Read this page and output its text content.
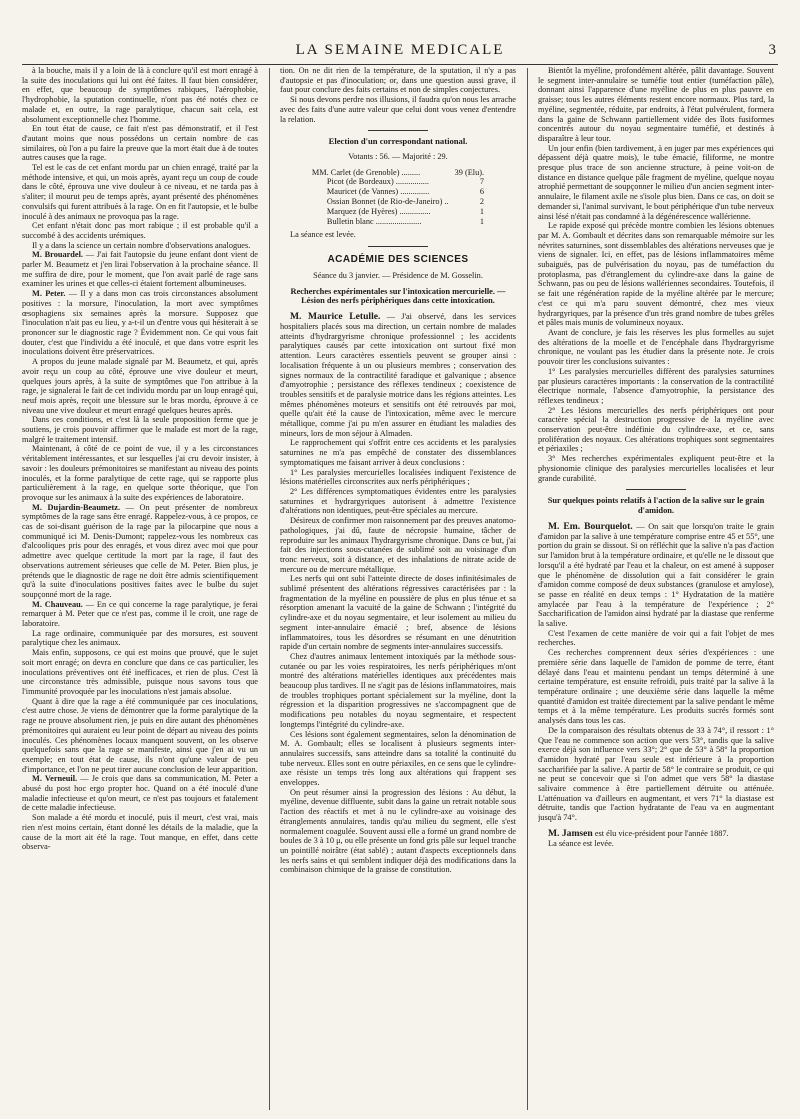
LA SEMAINE MEDICALE	3

à la bouche, mais il y a loin de là à conclure qu'il est mort enragé à la suite des inoculations qui lui ont été faites. Il faut bien considérer, en effet, que beaucoup de symptômes rabiques, l'aérophobie, l'hydrophobie, la sputation continuelle, n'ont pas été notés chez ce malade et, en outre, la rage paralytique, chacun sait cela, est absolument exceptionnelle chez l'homme.

En tout état de cause, ce fait n'est pas démonstratif, et il l'est d'autant moins que nous possédons un certain nombre de cas similaires, où l'on a pu faire la preuve que la mort était due à de toutes autres causes que la rage.

Tel est le cas de cet enfant mordu par un chien enragé, traité par la méthode intensive, et qui, un mois après, ayant reçu un coup de coude dans le côté, éprouva une vive douleur à ce niveau, et ne tarda pas à s'aliter; il mourut peu de temps après, ayant présenté des phénomènes convulsifs qui furent attribués à la rage. On en fit l'autopsie, et le bulbe inoculé à des animaux ne provoqua pas la rage.

Cet enfant n'était donc pas mort rabique ; il est probable qu'il a succombé à des accidents urémiques.

Il y a dans la science un certain nombre d'observations analogues.

M. Brouardel. — J'ai fait l'autopsie du jeune enfant dont vient de parler M. Beaumetz et j'en lirai l'observation à la prochaine séance. Il me suffira de dire, pour le moment, que l'on avait parlé de rage sans examiner les urines et que celles-ci étaient fortement albumineuses.

M. Peter. — Il y a dans mon cas trois circonstances absolument positives : la morsure, l'inoculation, la mort avec symptômes œsophagiens six semaines après la morsure. Supposez que l'inoculation n'ait pas eu lieu, y a-t-il un d'entre vous qui hésiterait à se prononcer sur le diagnostic rage ? Évidemment non. Ce qui vous fait douter, c'est que l'individu a été inoculé, et que dans votre esprit les inoculations doivent être préservatrices.

A propos du jeune malade signalé par M. Beaumetz, et qui, après avoir reçu un coup au côté, éprouve une vive douleur et meurt, quelques jours après, à la suite de symptômes que l'on attribue à la rage, je signalerai le fait de cet individu mordu par un loup enragé qui, neuf mois après, reçoit une blessure sur le bras mordu, éprouve à ce niveau une vive douleur et meurt enragé quelques heures après.

Dans ces conditions, et c'est là la seule proposition ferme que je soutiens, je crois pouvoir affirmer que le malade est mort de la rage, malgré le traitement intensif.

Maintenant, à côté de ce point de vue, il y a les circonstances véritablement intéressantes, et sur lesquelles j'ai cru devoir insister, à savoir : les douleurs prémonitoires se manifestant au niveau des points inoculés, et la forme paralytique de cette rage, qui se rapporte plus particulièrement à la rage, en quelque sorte théorique, que l'on provoque sur les animaux à la suite des expériences de laboratoire.

M. Dujardin-Beaumetz. — On peut présenter de nombreux symptômes de la rage sans être enragé. Rappelez-vous, à ce propos, ce cas de soi-disant guérison de la rage par la pilocarpine que nous a communiqué ici M. Denis-Dumont; rappelez-vous les nombreux cas d'alcooliques pris pour des enragés, et vous direz avec moi que pour admettre avec quelque certitude la mort par la rage, il faut des observations autrement sérieuses que celle de M. Peter. Bien plus, je prétends que le diagnostic de rage ne doit être admis scientifiquement qu'à la suite d'inoculations positives faites avec le bulbe du sujet soupçonné mort de la rage.

M. Chauveau. — En ce qui concerne la rage paralytique, je ferai remarquer à M. Peter que ce n'est pas, comme il le croit, une rage de laboratoire.

La rage ordinaire, communiquée par des morsures, est souvent paralytique chez les animaux.

Mais enfin, supposons, ce qui est moins que prouvé, que le sujet soit mort enragé; on devra en conclure que dans ce cas particulier, les inoculations préventives ont été inefficaces, et rien de plus. C'est là une circonstance très admissible, puisque nous savons tous que l'immunité provoquée par les inoculations n'est jamais absolue.

Quant à dire que la rage a été communiquée par ces inoculations, c'est autre chose. Je viens de démontrer que la forme paralytique de la rage ne prouve absolument rien, je puis en dire autant des phénomènes prémonitoires qui auraient eu leur point de départ au niveau des points inoculés. Ces phénomènes locaux manquent souvent, on les observe quelquefois sans que la rage se manifeste, ainsi que j'en ai vu un exemple; en tout état de cause, ils n'ont qu'une valeur de peu d'importance, et l'on ne peut tirer aucune conclusion de leur apparition.

M. Verneuil. — Je crois que dans sa communication, M. Peter a abusé du post hoc ergo propter hoc. Quand on a été inoculé d'une maladie infectieuse et qu'on meurt, ce n'est pas toujours et fatalement de cette maladie infectieuse.

Son malade a été mordu et inoculé, puis il meurt, c'est vrai, mais rien n'est moins certain, étant donné les détails de la maladie, que la cause de la mort ait été la rage. Tout manque, en effet, dans cette observa-

tion. On ne dit rien de la température, de la sputation, il n'y a pas d'autopsie et pas d'inoculation; or, dans une question aussi grave, il faut pour conclure des faits certains et non de simples conjectures.

Si nous devons perdre nos illusions, il faudra qu'on nous les arrache avec des faits d'une autre valeur que celui dont vous venez d'entendre la relation.

Election d'un correspondant national.

Votants : 56. — Majorité : 29.

MM. Carlet (de Grenoble) .........	39 (Elu).
Picot (de Bordeaux) ................	7
Mauricet (de Vannes) ..............	6
Ossian Bonnet (de Rio-de-Janeiro) ..	2
Marquez (de Hyères) ...............	1
Bulletin blanc ......................	1

La séance est levée.

ACADÉMIE DES SCIENCES

Séance du 3 janvier. — Présidence de M. Gosselin.

Recherches expérimentales sur l'intoxication mercurielle. — Lésion des nerfs périphériques dans cette intoxication.

M. Maurice Letulle. — J'ai observé, dans les services hospitaliers placés sous ma direction, un certain nombre de malades atteints d'hydrargyrisme chronique professionnel ; les accidents paralytiques causés par cette intoxication ont surtout fixé mon attention. Leurs caractères essentiels peuvent se grouper ainsi : localisation fréquente à un ou plusieurs membres ; conservation des signes normaux de la contractilité faradique et galvanique ; absence d'amyotrophie ; persistance des réflexes tendineux ; coexistence de troubles sensitifs et de paralysie motrice dans les régions atteintes. Les mêmes phénomènes moteurs et sensitifs ont été retrouvés par moi, quelle qu'ait été la cause de l'intoxication, même avec le mercure métallique, comme j'ai pu m'en assurer en étudiant les maladies des mineurs, lors de mon séjour à Almaden.

Le rapprochement qui s'offrit entre ces accidents et les paralysies saturnines ne m'a pas empêché de constater des dissemblances symptomatiques me faisant arriver à deux conclusions :

1° Les paralysies mercurielles localisées indiquent l'existence de lésions matérielles circonscrites aux nerfs périphériques ;

2° Les différences symptomatiques évidentes entre les paralysies saturnines et hydrargyriques autorisent à admettre l'existence d'altérations non identiques, peut-être spéciales au mercure.

Désireux de confirmer mon raisonnement par des preuves anatomo-pathologiques, j'ai dû, faute de nécropsie humaine, tâcher de reproduire sur les animaux l'hydrargyrisme chronique. Dans ce but, j'ai fait des injections sous-cutanées de sublimé soit au voisinage d'un tronc nerveux, soit à distance, et des inhalations de nitrate acide de mercure ou de mercure métallique.

Les nerfs qui ont subi l'atteinte directe de doses infinitésimales de sublimé présentent des altérations régressives caractérisées par : la fragmentation de la myéline en poussière de plus en plus ténue et sa résorption amenant la vacuité de la gaine de Schwann ; l'intégrité du cylindre-axe et du noyau segmentaire, et leur isolement au milieu du segment inter-annulaire émacié ; bref, absence de lésions inflammatoires, tous les désordres se résumant en une dénutrition rapide d'un certain nombre de segments inter-annulaires successifs.

Chez d'autres animaux lentement intoxiqués par la méthode sous-cutanée ou par les voies respiratoires, les nerfs périphériques m'ont montré des altérations matérielles identiques aux précédentes mais beaucoup plus tardives. Il ne s'agit pas de lésions inflammatoires, mais de troubles trophiques portant spécialement sur la myéline, dont la régression et la disparition progressives ne s'accompagnent que de modifications peu notables du noyau segmentaire, et respectent longtemps l'intégrité du cylindre-axe.

Ces lésions sont également segmentaires, selon la dénomination de M. A. Gombault; elles se localisent à plusieurs segments inter-annulaires successifs, sans atteindre dans sa totalité la continuité du tube nerveux. Elles sont en outre périaxiles, en ce sens que le cylindre-axe résiste un temps très long aux altérations qui frappent ses enveloppes.

On peut résumer ainsi la progression des lésions : Au début, la myéline, devenue diffluente, subit dans la gaine un retrait notable sous l'action des réactifs et met à nu le cylindre-axe au voisinage des étranglements annulaires, tandis qu'au milieu du segment, elle s'est normalement coagulée. Souvent aussi elle a formé un grand nombre de boules de 3 à 10 μ, ou elle présente un fond gris pâle sur lequel tranche un pointillé noirâtre (état sablé) ; autant d'aspects exceptionnels dans les nerfs sains et qui semblent indiquer déjà des modifications dans la combinaison chimique de la graisse de constitution.

Bientôt la myéline, profondément altérée, pâlit davantage. Souvent le segment inter-annulaire se tuméfie tout entier (tuméfaction pâle), donnant ainsi l'apparence d'une myéline de plus en plus pauvre en graisse; tous les autres éléments restent encore normaux. Plus tard, la myéline, segmentée, réduite, par endroits, à l'état pulvérulent, formera dans la gaine de Schwann partiellement vidée des îlots fusiformes concentrés autour du noyau segmentaire tuméfié, et destinés à disparaître à leur tour.

Un jour enfin (bien tardivement, à en juger par mes expériences qui dépassent déjà quatre mois), le tube émacié, filiforme, ne montre presque plus trace de son ancienne structure, à peine voit-on de distance en distance quelque pâle fragment de myéline, quelque noyau atrophié permettant de soupçonner le milieu d'un ancien segment inter-annulaire, le filament axile ne s'isole plus bien. Dans ce cas, on doit se demander si, l'animal survivant, le bout périphérique d'un tube nerveux ainsi lésé n'était pas condamné à la dégénérescence wallérienne.

Le rapide exposé qui précède montre combien les lésions obtenues par M. A. Gombault et décrites dans son remarquable mémoire sur les névrites saturnines, sont dissemblables des altérations nerveuses que je viens de signaler. Ici, en effet, pas de lésions inflammatoires même subaiguës, pas de pulvérisation du noyau, pas de tuméfaction du protoplasma, pas d'étranglement du cylindre-axe dans la gaine de Schwann, pas ou peu de lésions wallériennes secondaires. Toutefois, il se fait une régénération rapide de la myéline altérée par le mercure; c'est ce qui m'a paru souvent démontré, chez mes vieux hydrargyriques, par la présence d'un très grand nombre de tubes grêles et pâles mais munis de volumineux noyaux.

Avant de conclure, je fais les réserves les plus formelles au sujet des altérations de la moelle et de l'encéphale dans l'hydrargyrisme chronique, ne voulant pas les étudier dans la présente note. Je crois pouvoir tirer les conclusions suivantes :

1° Les paralysies mercurielles diffèrent des paralysies saturnines par plusieurs caractères importants : la conservation de la contractilité électrique normale, l'absence d'amyotrophie, la persistance des réflexes tendineux ;

2° Les lésions mercurielles des nerfs périphériques ont pour caractère spécial la destruction progressive de la myéline avec conservation peut-être indéfinie du cylindre-axe, et ce, sans prolifération des noyaux. Ces altérations trophiques sont segmentaires et périaxiles ;

3° Mes recherches expérimentales expliquent peut-être et la physionomie clinique des paralysies mercurielles localisées et leur grande curabilité.

Sur quelques points relatifs à l'action de la salive sur le grain d'amidon.

M. Em. Bourquelot. — On sait que lorsqu'on traite le grain d'amidon par la salive à une température comprise entre 45 et 55°, une portion du grain se dissout. Si on réfléchit que la salive n'a pas d'action sur l'amidon brut à la température ordinaire, et qu'elle ne le dissout que lorsqu'il a été hydraté par l'eau et la chaleur, on est amené à supposer que le phénomène de dissolution qui a fait considérer le grain d'amidon comme composé de deux substances (granulose et amylose), se passe en réalité en deux temps : 1° Hydratation de la matière amylacée par l'eau à la température de l'expérience ; 2° Saccharification de l'amidon ainsi hydraté par la diastase que renferme la salive.

C'est l'examen de cette manière de voir qui a fait l'objet de mes recherches.

Ces recherches comprennent deux séries d'expériences : une première série dans laquelle de l'amidon de pomme de terre, étant délayé dans l'eau et maintenu pendant un temps déterminé à une certaine température, est ensuite refroidi, puis traité par la salive à la température ordinaire ; une deuxième série dans laquelle la même quantité d'amidon est traitée directement par la salive pendant le même temps et à la même température. Les produits sucrés formés sont analysés dans tous les cas.

De la comparaison des résultats obtenus de 33 à 74°, il ressort : 1° Que l'eau ne commence son action que vers 53°, tandis que la salive exerce déjà son influence vers 33°; 2° que de 53° à 58° la proportion d'amidon hydraté par l'eau seule est inférieure à la proportion saccharifiée par la salive. A partir de 58° le contraire se produit, ce qui ne peut se concevoir que si l'on admet que vers 58° la diastase salivaire commence à être partiellement détruite ou atténuée. L'atténuation va d'ailleurs en augmentant, et vers 71° la diastase est détruite, tandis que l'action hydratante de l'eau va en augmentant jusqu'à 74°.

M. Jamsen est élu vice-président pour l'année 1887.

La séance est levée.
